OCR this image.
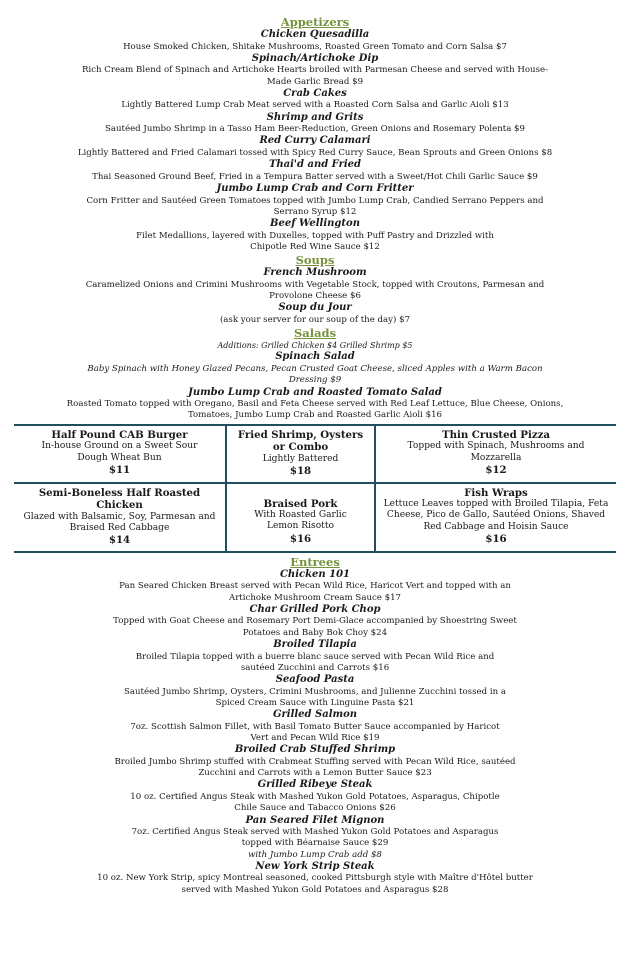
Appetizers
Chicken Quesadilla
House Smoked Chicken, Shitake Mushrooms, Roasted Green Tomato and Corn Salsa $7
Spinach/Artichoke Dip
Rich Cream Blend of Spinach and Artichoke Hearts broiled with Parmesan Cheese and served with House-Made Garlic Bread $9
Crab Cakes
Lightly Battered Lump Crab Meat served with a Roasted Corn Salsa and Garlic Aioli $13
Shrimp and Grits
Sautéed Jumbo Shrimp in a Tasso Ham Beer-Reduction, Green Onions and Rosemary Polenta $9
Red Curry Calamari
Lightly Battered and Fried Calamari tossed with Spicy Red Curry Sauce, Bean Sprouts and Green Onions $8
Thai'd and Fried
Thai Seasoned Ground Beef, Fried in a Tempura Batter served with a Sweet/Hot Chili Garlic Sauce $9
Jumbo Lump Crab and Corn Fritter
Corn Fritter and Sautéed Green Tomatoes topped with Jumbo Lump Crab, Candied Serrano Peppers and Serrano Syrup $12
Beef Wellington
Filet Medallions, layered with Duxelles, topped with Puff Pastry and Drizzled with Chipotle Red Wine Sauce $12
Soups
French Mushroom
Caramelized Onions and Crimini Mushrooms with Vegetable Stock, topped with Croutons, Parmesan and Provolone Cheese $6
Soup du Jour
(ask your server for our soup of the day) $7
Salads
Additions: Grilled Chicken $4 Grilled Shrimp $5
Spinach Salad
Baby Spinach with Honey Glazed Pecans, Pecan Crusted Goat Cheese, sliced Apples with a Warm Bacon Dressing $9
Jumbo Lump Crab and Roasted Tomato Salad
Roasted Tomato topped with Oregano, Basil and Feta Cheese served with Red Leaf Lettuce, Blue Cheese, Onions, Tomatoes, Jumbo Lump Crab and Roasted Garlic Aioli $16
Half Pound CAB Burger
In-house Ground on a Sweet Sour Dough Wheat Bun
$11
Fried Shrimp, Oysters or Combo
Lightly Battered
$18
Thin Crusted Pizza
Topped with Spinach, Mushrooms and Mozzarella
$12
Semi-Boneless Half Roasted Chicken
Glazed with Balsamic, Soy, Parmesan and Braised Red Cabbage
$14
Braised Pork
With Roasted Garlic Lemon Risotto
$16
Fish Wraps
Lettuce Leaves topped with Broiled Tilapia, Feta Cheese, Pico de Gallo, Sautéed Onions, Shaved Red Cabbage and Hoisin Sauce
$16
Entrees
Chicken 101
Pan Seared Chicken Breast served with Pecan Wild Rice, Haricot Vert and topped with an Artichoke Mushroom Cream Sauce $17
Char Grilled Pork Chop
Topped with Goat Cheese and Rosemary Port Demi-Glace accompanied by Shoestring Sweet Potatoes and Baby Bok Choy $24
Broiled Tilapia
Broiled Tilapia topped with a buerre blanc sauce served with Pecan Wild Rice and sautéed Zucchini and Carrots $16
Seafood Pasta
Sautéed Jumbo Shrimp, Oysters, Crimini Mushrooms, and Julienne Zucchini tossed in a Spiced Cream Sauce with Linguine Pasta $21
Grilled Salmon
7oz. Scottish Salmon Fillet, with Basil Tomato Butter Sauce accompanied by Haricot Vert and Pecan Wild Rice $19
Broiled Crab Stuffed Shrimp
Broiled Jumbo Shrimp stuffed with Crabmeat Stuffing served with Pecan Wild Rice, sautéed Zucchini and Carrots with a Lemon Butter Sauce $23
Grilled Ribeye Steak
10 oz. Certified Angus Steak with Mashed Yukon Gold Potatoes, Asparagus, Chipotle Chile Sauce and Tabacco Onions $26
Pan Seared Filet Mignon
7oz. Certified Angus Steak served with Mashed Yukon Gold Potatoes and Asparagus topped with Béarnaise Sauce $29
with Jumbo Lump Crab add $8
New York Strip Steak
10 oz. New York Strip, spicy Montreal seasoned, cooked Pittsburgh style with Maître d'Hôtel butter served with Mashed Yukon Gold Potatoes and Asparagus $28
